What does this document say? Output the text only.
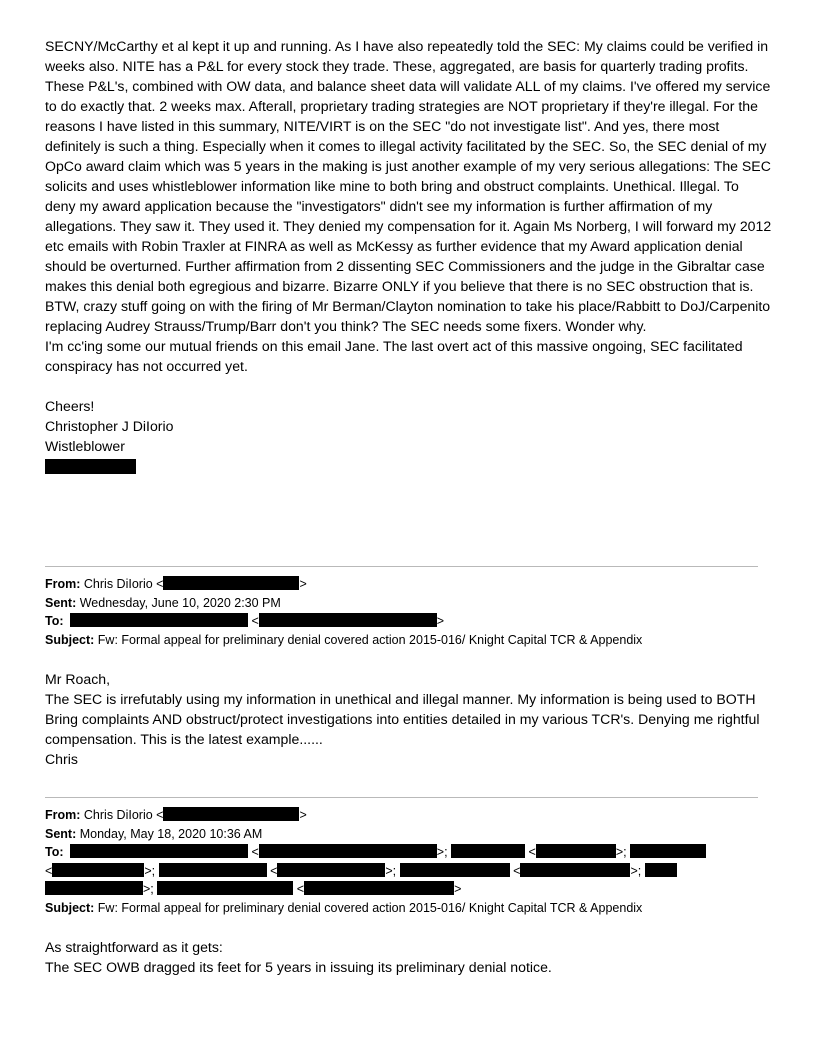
SECNY/McCarthy et al kept it up and running. As I have also repeatedly told the SEC: My claims could be verified in weeks also. NITE has a P&L for every stock they trade. These, aggregated, are basis for quarterly trading profits. These P&L's, combined with OW data, and balance sheet data will validate ALL of my claims. I've offered my service to do exactly that. 2 weeks max. Afterall, proprietary trading strategies are NOT proprietary if they're illegal. For the reasons I have listed in this summary, NITE/VIRT is on the SEC "do not investigate list". And yes, there most definitely is such a thing. Especially when it comes to illegal activity facilitated by the SEC. So, the SEC denial of my OpCo award claim which was 5 years in the making is just another example of my very serious allegations: The SEC solicits and uses whistleblower information like mine to both bring and obstruct complaints. Unethical. Illegal. To deny my award application because the "investigators" didn't see my information is further affirmation of my allegations. They saw it. They used it. They denied my compensation for it. Again Ms Norberg, I will forward my 2012 etc emails with Robin Traxler at FINRA as well as McKessy as further evidence that my Award application denial should be overturned. Further affirmation from 2 dissenting SEC Commissioners and the judge in the Gibraltar case makes this denial both egregious and bizarre. Bizarre ONLY if you believe that there is no SEC obstruction that is. BTW, crazy stuff going on with the firing of Mr Berman/Clayton nomination to take his place/Rabbitt to DoJ/Carpenito replacing Audrey Strauss/Trump/Barr don't you think? The SEC needs some fixers. Wonder why.

I'm cc'ing some our mutual friends on this email Jane. The last overt act of this massive ongoing, SEC facilitated conspiracy has not occurred yet.

Cheers!
Christopher J DiIorio
Wistleblower
From: Chris DiIorio <	>
Sent: Wednesday, June 10, 2020 2:30 PM
To:	<	>
Subject: Fw: Formal appeal for preliminary denial covered action 2015-016/ Knight Capital TCR & Appendix
Mr Roach,

The SEC is irrefutably using my information in unethical and illegal manner. My information is being used to BOTH Bring complaints AND obstruct/protect investigations into entities detailed in my various TCR's. Denying me rightful compensation. This is the latest example......

Chris
From: Chris DiIorio <	>
Sent: Monday, May 18, 2020 10:36 AM
To:	<	>;	<	>;
<	>;	<	>;	<	>;
>;	<	>
Subject: Fw: Formal appeal for preliminary denial covered action 2015-016/ Knight Capital TCR & Appendix
As straightforward as it gets:
The SEC OWB dragged its feet for 5 years in issuing its preliminary denial notice.
